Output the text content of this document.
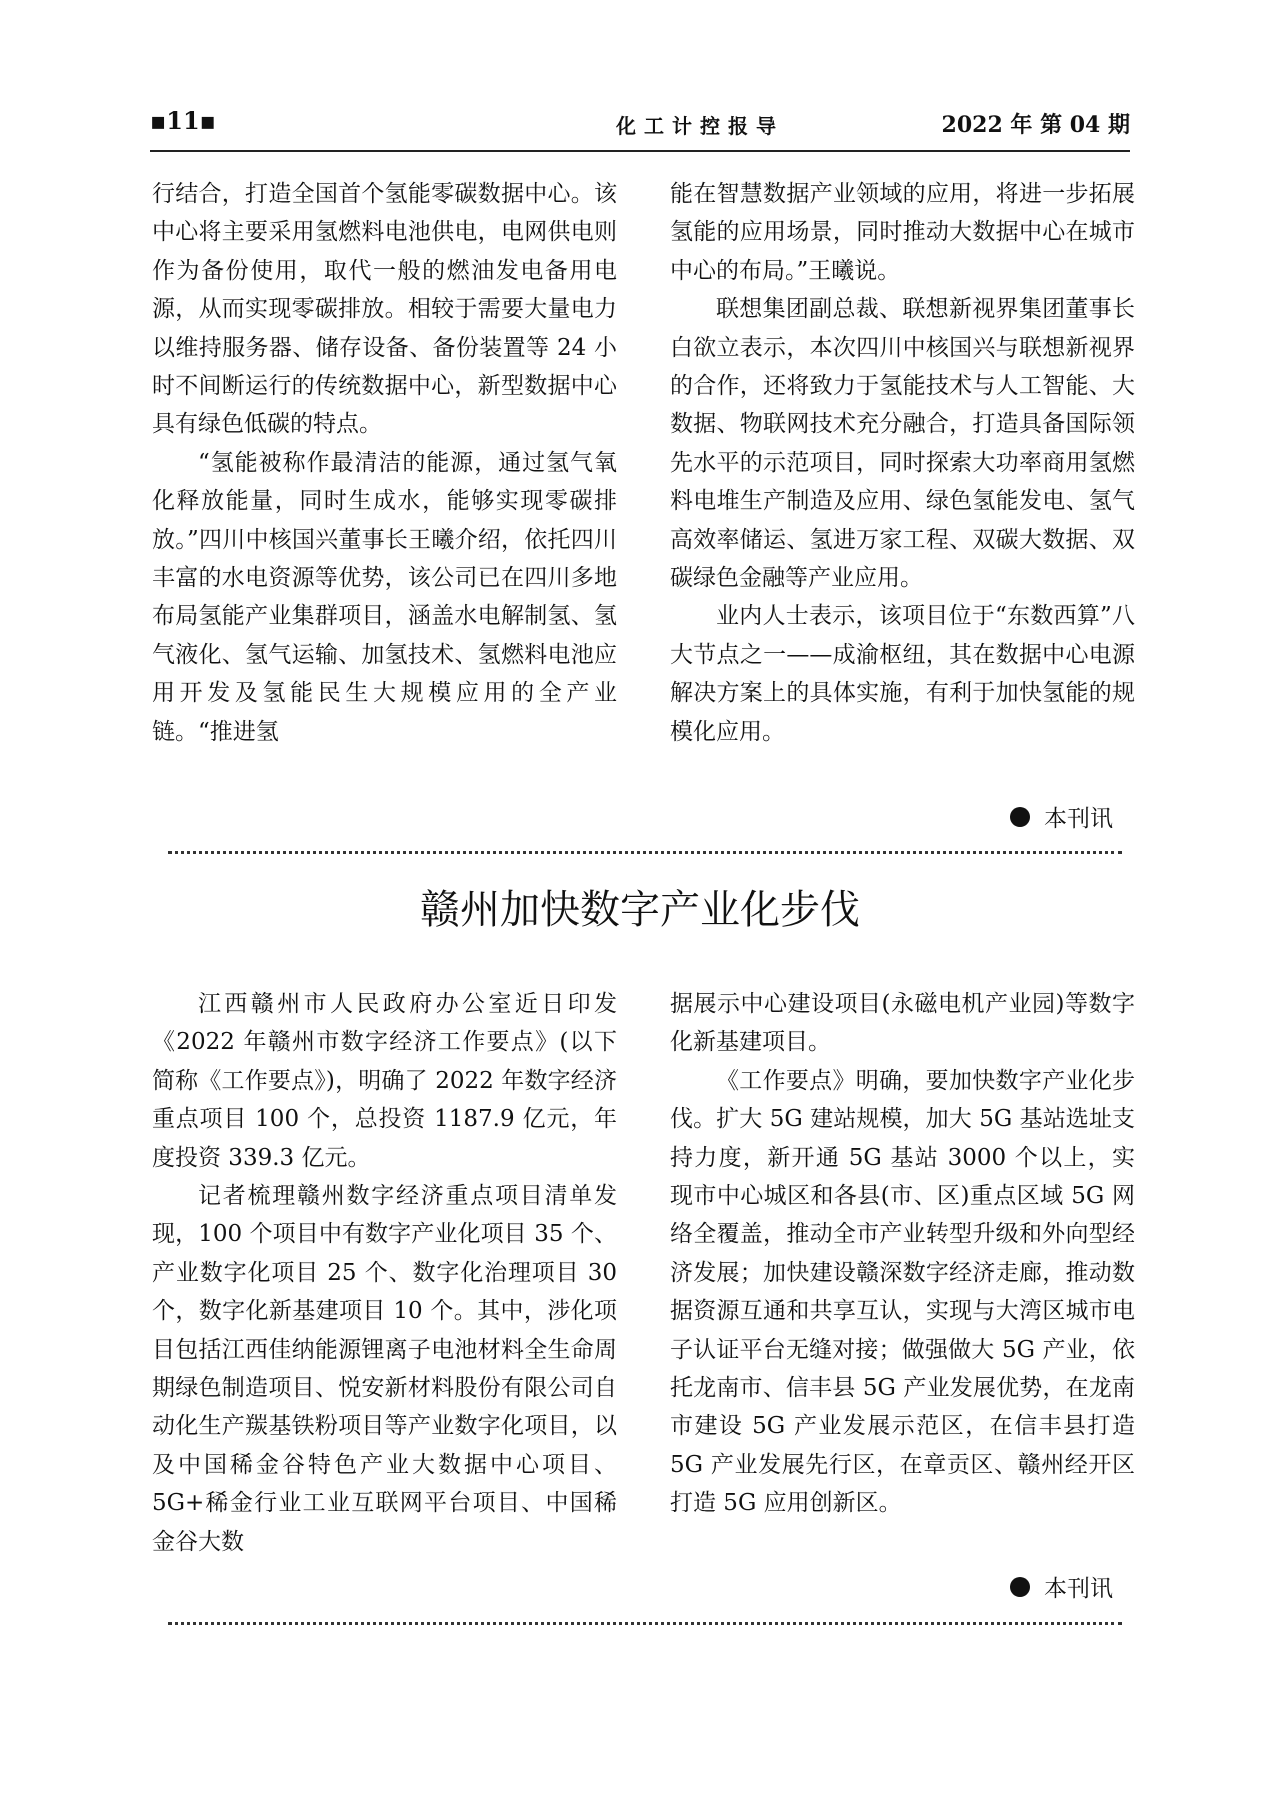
▪11▪	化工计控报导	2022 年 第 04 期

行结合，打造全国首个氢能零碳数据中心。该中心将主要采用氢燃料电池供电，电网供电则作为备份使用，取代一般的燃油发电备用电源，从而实现零碳排放。相较于需要大量电力以维持服务器、储存设备、备份装置等 24 小时不间断运行的传统数据中心，新型数据中心具有绿色低碳的特点。

“氢能被称作最清洁的能源，通过氢气氧化释放能量，同时生成水，能够实现零碳排放。”四川中核国兴董事长王曦介绍，依托四川丰富的水电资源等优势，该公司已在四川多地布局氢能产业集群项目，涵盖水电解制氢、氢气液化、氢气运输、加氢技术、氢燃料电池应用开发及氢能民生大规模应用的全产业链。“推进氢

能在智慧数据产业领域的应用，将进一步拓展氢能的应用场景，同时推动大数据中心在城市中心的布局。”王曦说。

联想集团副总裁、联想新视界集团董事长白欲立表示，本次四川中核国兴与联想新视界的合作，还将致力于氢能技术与人工智能、大数据、物联网技术充分融合，打造具备国际领先水平的示范项目，同时探索大功率商用氢燃料电堆生产制造及应用、绿色氢能发电、氢气高效率储运、氢进万家工程、双碳大数据、双碳绿色金融等产业应用。

业内人士表示，该项目位于“东数西算”八大节点之一——成渝枢纽，其在数据中心电源解决方案上的具体实施，有利于加快氢能的规模化应用。

本刊讯
赣州加快数字产业化步伐

江西赣州市人民政府办公室近日印发《2022 年赣州市数字经济工作要点》(以下简称《工作要点》)，明确了 2022 年数字经济重点项目 100 个，总投资 1187.9 亿元，年度投资 339.3 亿元。

记者梳理赣州数字经济重点项目清单发现，100 个项目中有数字产业化项目 35 个、产业数字化项目 25 个、数字化治理项目 30 个，数字化新基建项目 10 个。其中，涉化项目包括江西佳纳能源锂离子电池材料全生命周期绿色制造项目、悦安新材料股份有限公司自动化生产羰基铁粉项目等产业数字化项目，以及中国稀金谷特色产业大数据中心项目、5G+稀金行业工业互联网平台项目、中国稀金谷大数

据展示中心建设项目(永磁电机产业园)等数字化新基建项目。

《工作要点》明确，要加快数字产业化步伐。扩大 5G 建站规模，加大 5G 基站选址支持力度，新开通 5G 基站 3000 个以上，实现市中心城区和各县(市、区)重点区域 5G 网络全覆盖，推动全市产业转型升级和外向型经济发展；加快建设赣深数字经济走廊，推动数据资源互通和共享互认，实现与大湾区城市电子认证平台无缝对接；做强做大 5G 产业，依托龙南市、信丰县 5G 产业发展优势，在龙南市建设 5G 产业发展示范区，在信丰县打造 5G 产业发展先行区，在章贡区、赣州经开区打造 5G 应用创新区。

本刊讯
